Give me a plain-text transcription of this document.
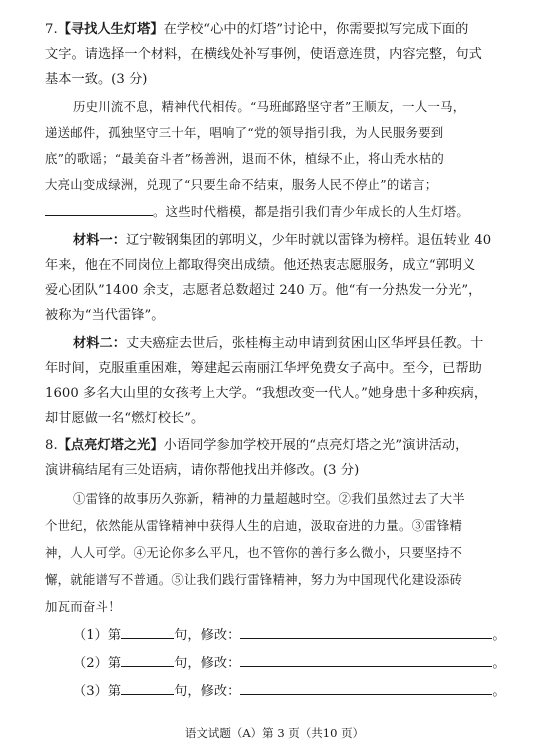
7.【寻找人生灯塔】在学校“心中的灯塔”讨论中，你需要拟写完成下面的
文字。请选择一个材料，在横线处补写事例，使语意连贯，内容完整，句式
基本一致。(3 分)
历史川流不息，精神代代相传。“马班邮路坚守者”王顺友，一人一马，
递送邮件，孤独坚守三十年，唱响了“党的领导指引我，为人民服务要到
底”的歌谣；“最美奋斗者”杨善洲，退而不休，植绿不止，将山秃水枯的
大亮山变成绿洲，兑现了“只要生命不结束，服务人民不停止”的诺言；
。这些时代楷模，都是指引我们青少年成长的人生灯塔。
材料一：辽宁鞍钢集团的郭明义，少年时就以雷锋为榜样。退伍转业 40
年来，他在不同岗位上都取得突出成绩。他还热衷志愿服务，成立“郭明义
爱心团队”1400 余支，志愿者总数超过 240 万。他“有一分热发一分光”，
被称为“当代雷锋”。
材料二：丈夫癌症去世后，张桂梅主动申请到贫困山区华坪县任教。十
年时间，克服重重困难，筹建起云南丽江华坪免费女子高中。至今，已帮助
1600 多名大山里的女孩考上大学。“我想改变一代人。”她身患十多种疾病，
却甘愿做一名“燃灯校长”。
8.【点亮灯塔之光】小语同学参加学校开展的“点亮灯塔之光”演讲活动，
演讲稿结尾有三处语病，请你帮他找出并修改。(3 分)
①雷锋的故事历久弥新，精神的力量超越时空。②我们虽然过去了大半
个世纪，依然能从雷锋精神中获得人生的启迪，汲取奋进的力量。③雷锋精
神，人人可学。④无论你多么平凡，也不管你的善行多么微小，只要坚持不
懈，就能谱写不普通。⑤让我们践行雷锋精神，努力为中国现代化建设添砖
加瓦而奋斗！
（1）第	句，修改：	。
（2）第	句，修改：	。
（3）第	句，修改：	。
语文试题（A）第 3 页（共10 页）
